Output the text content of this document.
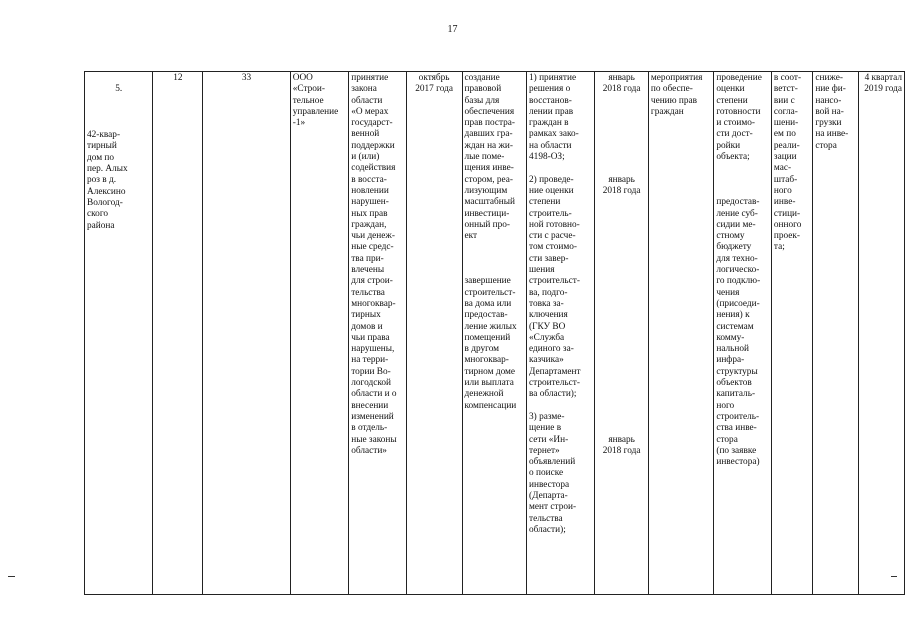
17

5.

42-квар-
тирный
дом по
пер. Алых
роз в д.
Алексино
Вологод-
ского
района

	12	33	ООО
«Строи-
тельное
управление
-1»	принятие
закона
области
«О мерах
государст-
венной
поддержки
и (или)
содействия
в восста-
новлении
нарушен-
ных прав
граждан,
чьи денеж-
ные средс-
тва при-
влечены
для строи-
тельства
многоквар-
тирных
домов и
чьи права
нарушены,
на терри-
тории Во-
логодской
области и о
внесении
изменений
в отдель-
ные законы
области»	октябрь
2017 года	создание
правовой
базы для
обеспечения
прав постра-
давших гра-
ждан на жи-
лые поме-
щения инве-
стором, реа-
лизующим
масштабный
инвестици-
онный про-
ект

завершение
строительст-
ва дома или
предостав-
ление жилых
помещений
в другом
многоквар-
тирном доме
или выплата
денежной
компенсации	1) принятие
решения о
восстанов-
лении прав
граждан в
рамках зако-
на области
4198-ОЗ;

2) проведе-
ние оценки
степени
строитель-
ной готовно-
сти с расче-
том стоимо-
сти завер-
шения
строительст-
ва, подго-
товка за-
ключения
(ГКУ ВО
«Служба
единого за-
казчика»
Департамент
строительст-
ва области);

3) разме-
щение в
сети «Ин-
тернет»
объявлений
о поиске
инвестора
(Департа-
мент строи-
тельства
области);	январь
2018 года

январь
2018 года

январь
2018 года	мероприятия
по обеспе-
чению прав
граждан	проведение
оценки
степени
готовности
и стоимо-
сти дост-
ройки
объекта;

предостав-
ление суб-
сидии ме-
стному
бюджету
для техно-
логическо-
го подклю-
чения
(присоеди-
нения) к
системам
комму-
нальной
инфра-
структуры
объектов
капиталь-
ного
строитель-
ства инве-
стора
(по заявке
инвестора)	в соот-
ветст-
вии с
согла-
шени-
ем по
реали-
зации
мас-
штаб-
ного
инве-
стици-
онного
проек-
та;	сниже-
ние фи-
нансо-
вой на-
грузки
на инве-
стора	4 квартал
2019 года
